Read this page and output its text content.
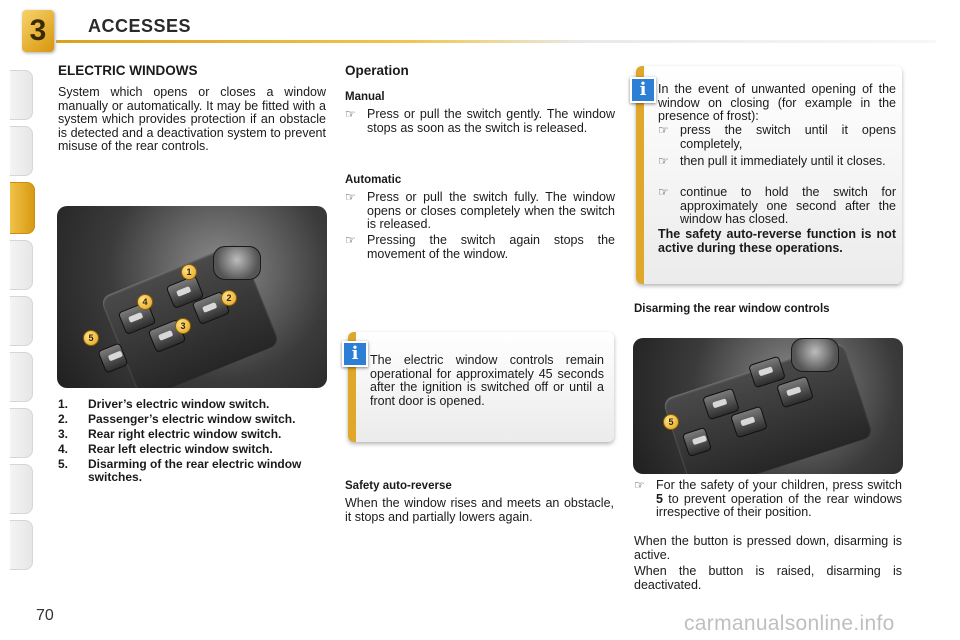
3 ACCESSES
ELECTRIC WINDOWS
System which opens or closes a window manually or automatically. It may be fitted with a system which provides protection if an obstacle is detected and a deactivation system to prevent misuse of the rear controls.
1
2
3
4
5
1. Driver’s electric window switch.
2. Passenger’s electric window switch.
3. Rear right electric window switch.
4. Rear left electric window switch.
5. Disarming of the rear electric window switches.
Operation
Manual
☞ Press or pull the switch gently. The window stops as soon as the switch is released.
Automatic
☞ Press or pull the switch fully. The window opens or closes completely when the switch is released.
☞ Pressing the switch again stops the movement of the window.
The electric window controls remain operational for approximately 45 seconds after the ignition is switched off or until a front door is opened.
i
Safety auto-reverse
When the window rises and meets an obstacle, it stops and partially lowers again.
In the event of unwanted opening of the window on closing (for example in the presence of frost):
☞ press the switch until it opens completely,
☞ then pull it immediately until it closes.
☞ continue to hold the switch for approximately one second after the window has closed.
The safety auto-reverse function is not active during these operations.
i
Disarming the rear window controls
5
☞ For the safety of your children, press switch 5 to prevent operation of the rear windows irrespective of their position.
When the button is pressed down, disarming is active.
When the button is raised, disarming is deactivated.
70	carmanualsonline.info
